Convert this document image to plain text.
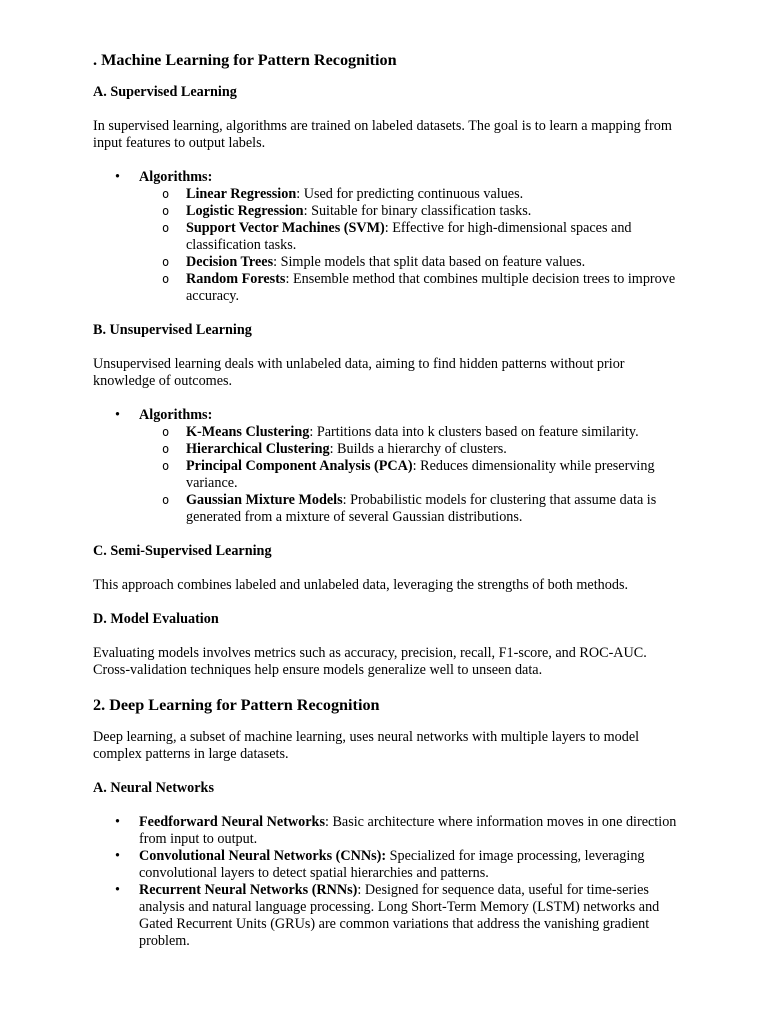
. Machine Learning for Pattern Recognition
A. Supervised Learning

In supervised learning, algorithms are trained on labeled datasets. The goal is to learn a mapping from input features to output labels.

• Algorithms:
o Linear Regression: Used for predicting continuous values.
o Logistic Regression: Suitable for binary classification tasks.
o Support Vector Machines (SVM): Effective for high-dimensional spaces and classification tasks.
o Decision Trees: Simple models that split data based on feature values.
o Random Forests: Ensemble method that combines multiple decision trees to improve accuracy.
B. Unsupervised Learning

Unsupervised learning deals with unlabeled data, aiming to find hidden patterns without prior knowledge of outcomes.

• Algorithms:
o K-Means Clustering: Partitions data into k clusters based on feature similarity.
o Hierarchical Clustering: Builds a hierarchy of clusters.
o Principal Component Analysis (PCA): Reduces dimensionality while preserving variance.
o Gaussian Mixture Models: Probabilistic models for clustering that assume data is generated from a mixture of several Gaussian distributions.
C. Semi-Supervised Learning

This approach combines labeled and unlabeled data, leveraging the strengths of both methods.

D. Model Evaluation

Evaluating models involves metrics such as accuracy, precision, recall, F1-score, and ROC-AUC. Cross-validation techniques help ensure models generalize well to unseen data.

2. Deep Learning for Pattern Recognition

Deep learning, a subset of machine learning, uses neural networks with multiple layers to model complex patterns in large datasets.

A. Neural Networks
• Feedforward Neural Networks: Basic architecture where information moves in one direction from input to output.
• Convolutional Neural Networks (CNNs): Specialized for image processing, leveraging convolutional layers to detect spatial hierarchies and patterns.
• Recurrent Neural Networks (RNNs): Designed for sequence data, useful for time-series analysis and natural language processing. Long Short-Term Memory (LSTM) networks and Gated Recurrent Units (GRUs) are common variations that address the vanishing gradient problem.
